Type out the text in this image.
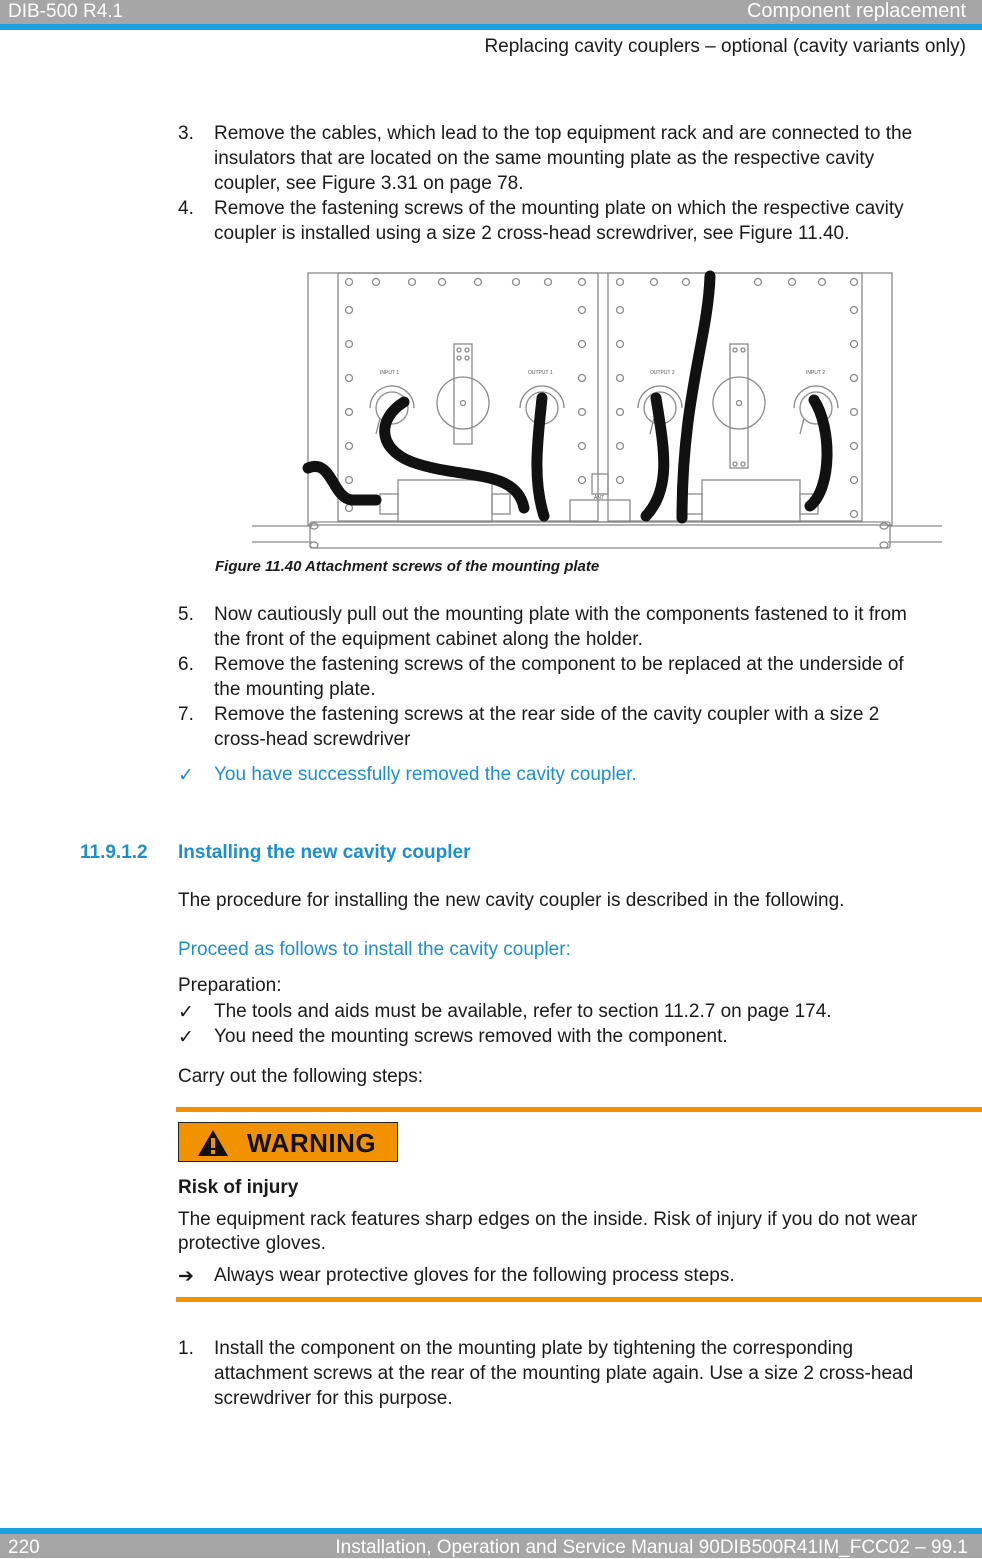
DIB-500 R4.1	Component replacement
Replacing cavity couplers – optional (cavity variants only)
3. Remove the cables, which lead to the top equipment rack and are connected to the
insulators that are located on the same mounting plate as the respective cavity
coupler, see Figure 3.31 on page 78.
4. Remove the fastening screws of the mounting plate on which the respective cavity
coupler is installed using a size 2 cross-head screwdriver, see Figure 11.40.
INPUT 1	OUTPUT 1	OUTPUT 2	INPUT 2
ANT
Figure 11.40 Attachment screws of the mounting plate
5. Now cautiously pull out the mounting plate with the components fastened to it from
the front of the equipment cabinet along the holder.
6. Remove the fastening screws of the component to be replaced at the underside of
the mounting plate.
7. Remove the fastening screws at the rear side of the cavity coupler with a size 2
cross-head screwdriver
✓ You have successfully removed the cavity coupler.
11.9.1.2 Installing the new cavity coupler
The procedure for installing the new cavity coupler is described in the following.
Proceed as follows to install the cavity coupler:
Preparation:
✓ The tools and aids must be available, refer to section 11.2.7 on page 174.
✓ You need the mounting screws removed with the component.
Carry out the following steps:
WARNING
Risk of injury
The equipment rack features sharp edges on the inside. Risk of injury if you do not wear
protective gloves.
➔ Always wear protective gloves for the following process steps.
1. Install the component on the mounting plate by tightening the corresponding
attachment screws at the rear of the mounting plate again. Use a size 2 cross-head
screwdriver for this purpose.
220	Installation, Operation and Service Manual 90DIB500R41IM_FCC02 – 99.1
